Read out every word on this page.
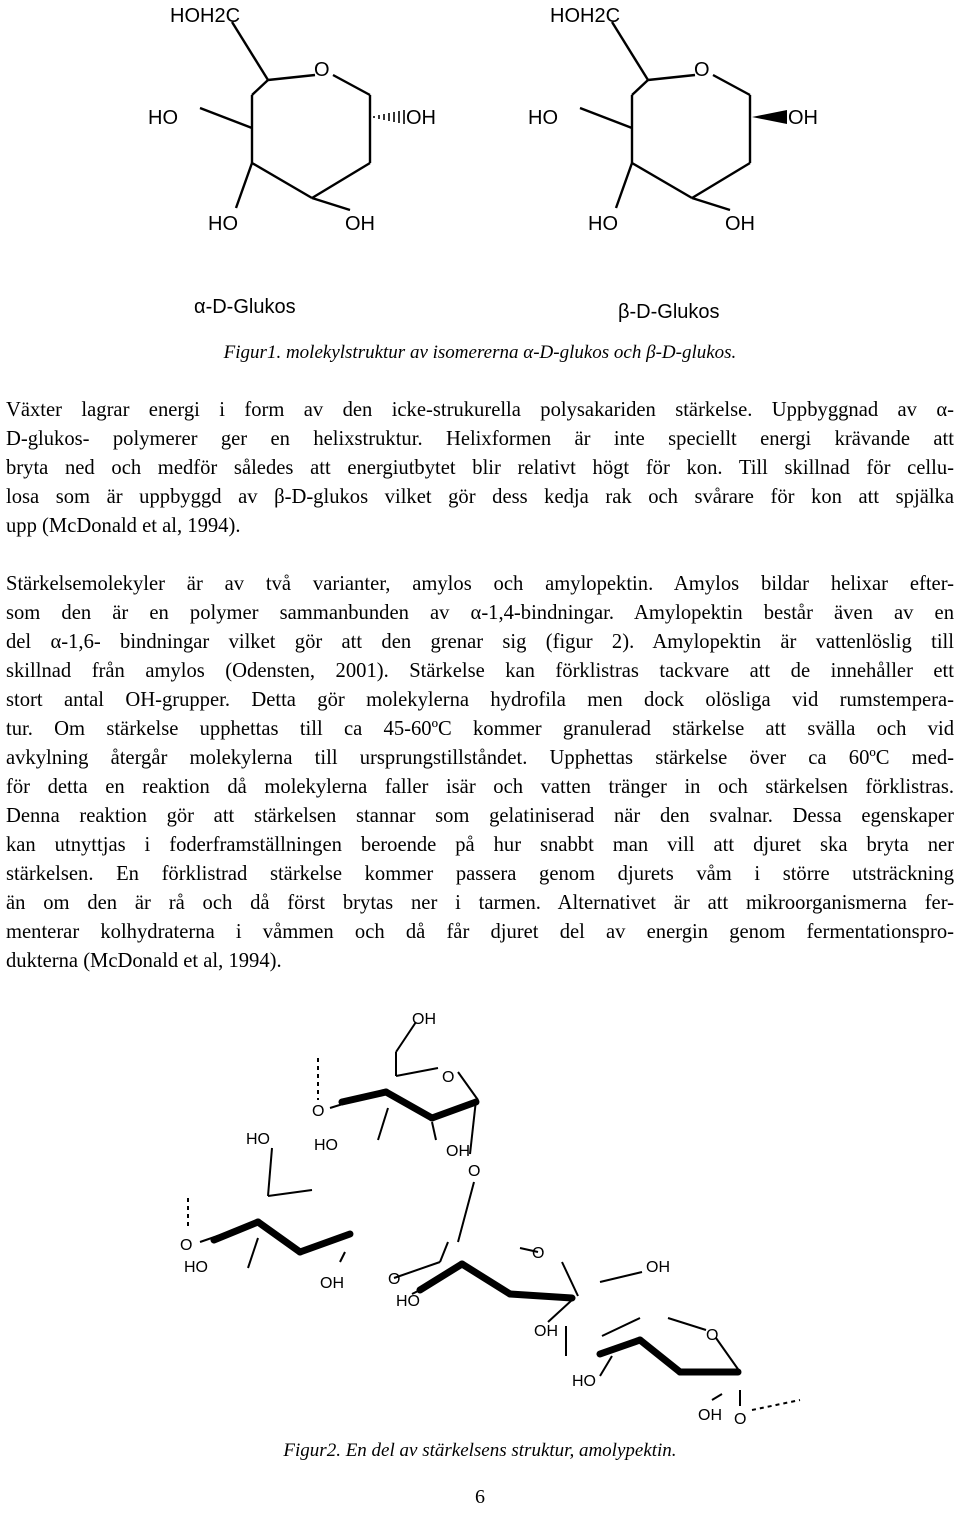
HOH2C
O
HO	OH
HO	OH
α-D-Glukos
HOH2C
O
HO	OH
HO	OH
β-D-Glukos
Figur1. molekylstruktur av isomererna α-D-glukos och β-D-glukos.
Växter lagrar energi i form av den icke-strukurella polysakariden stärkelse. Uppbyggnad av α-
D-glukos- polymerer ger en helixstruktur. Helixformen är inte speciellt energi krävande att
bryta ned och medför således att energiutbytet blir relativt högt för kon. Till skillnad för cellu-
losa som är uppbyggd av β-D-glukos vilket gör dess kedja rak och svårare för kon att spjälka
upp (McDonald et al, 1994).
Stärkelsemolekyler är av två varianter, amylos och amylopektin. Amylos bildar helixar efter-
som den är en polymer sammanbunden av α-1,4-bindningar. Amylopektin består även av en
del α-1,6- bindningar vilket gör att den grenar sig (figur 2). Amylopektin är vattenlöslig till
skillnad från amylos (Odensten, 2001). Stärkelse kan förklistras tackvare att de innehåller ett
stort antal OH-grupper. Detta gör molekylerna hydrofila men dock olösliga vid rumstempera-
tur. Om stärkelse upphettas till ca 45-60ºC kommer granulerad stärkelse att svälla och vid
avkylning återgår molekylerna till ursprungstillståndet. Upphettas stärkelse över ca 60ºC med-
för detta en reaktion då molekylerna faller isär och vatten tränger in och stärkelsen förklistras.
Denna reaktion gör att stärkelsen stannar som gelatiniserad när den svalnar. Dessa egenskaper
kan utnyttjas i foderframställningen beroende på hur snabbt man vill att djuret ska bryta ner
stärkelsen. En förklistrad stärkelse kommer passera genom djurets våm i större utsträckning
än om den är rå och då först brytas ner i tarmen. Alternativet är att mikroorganismerna fer-
menterar kolhydraterna i våmmen och då får djuret del av energin genom fermentationspro-
dukterna (McDonald et al, 1994).
OH
O
O
HO	OH
O
HO
O
HO
OH	O
O
OH
HO
OH	O
HO
OH O
Figur2. En del av stärkelsens struktur, amolypektin.
6
